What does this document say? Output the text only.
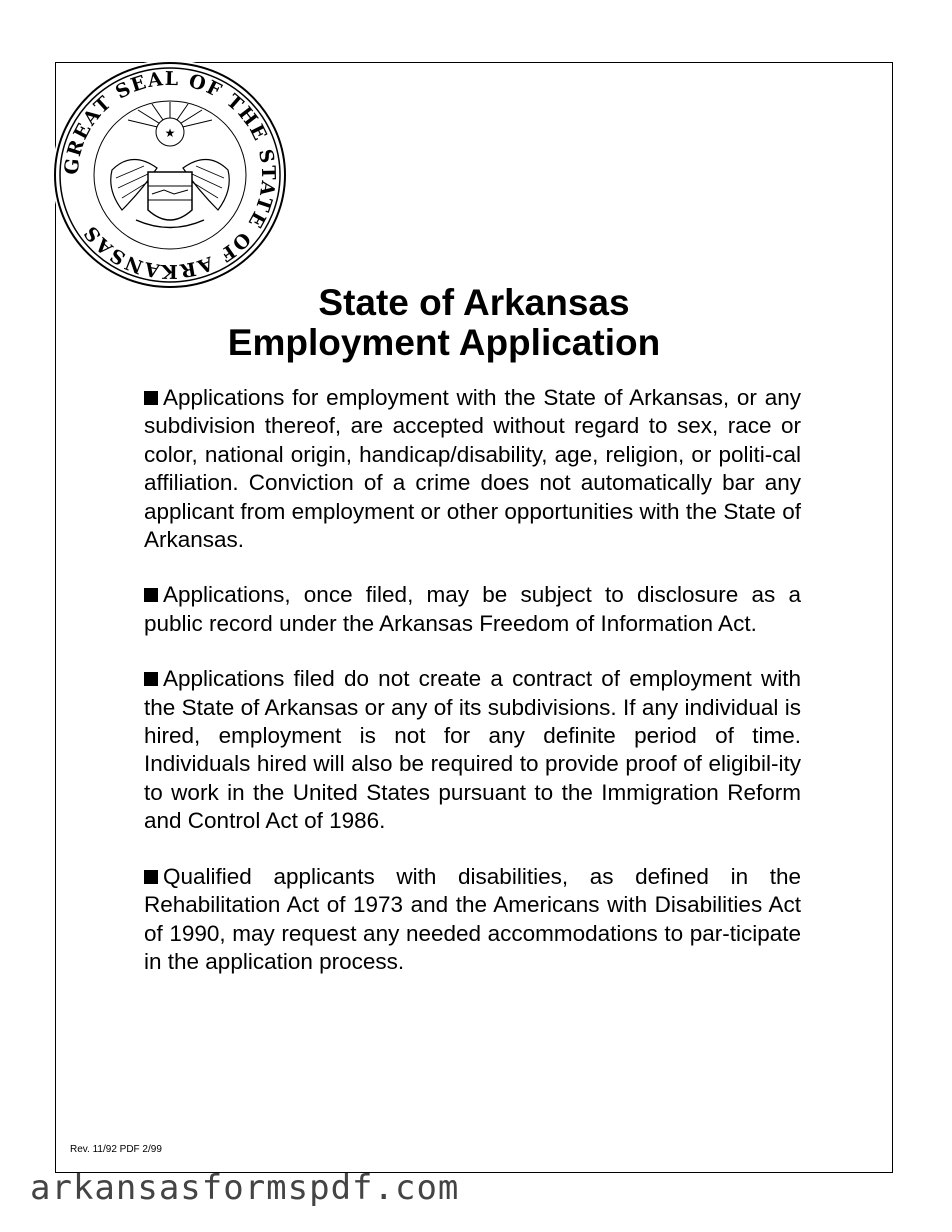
GREAT SEAL OF THE STATE OF ARKANSAS
★
State of Arkansas
Employment Application

Applications for employment with the State of Arkansas, or any subdivision thereof, are accepted without regard to sex, race or color, national origin, handicap/disability, age, religion, or politi-cal affiliation. Conviction of a crime does not automatically bar any applicant from employment or other opportunities with the State of Arkansas.

Applications, once filed, may be subject to disclosure as a public record under the Arkansas Freedom of Information Act.

Applications filed do not create a contract of employment with the State of Arkansas or any of its subdivisions. If any individual is hired, employment is not for any definite period of time. Individuals hired will also be required to provide proof of eligibil-ity to work in the United States pursuant to the Immigration Reform and Control Act of 1986.

Qualified applicants with disabilities, as defined in the Rehabilitation Act of 1973 and the Americans with Disabilities Act of 1990, may request any needed accommodations to par-ticipate in the application process.

Rev. 11/92 PDF 2/99
arkansasformspdf.com
